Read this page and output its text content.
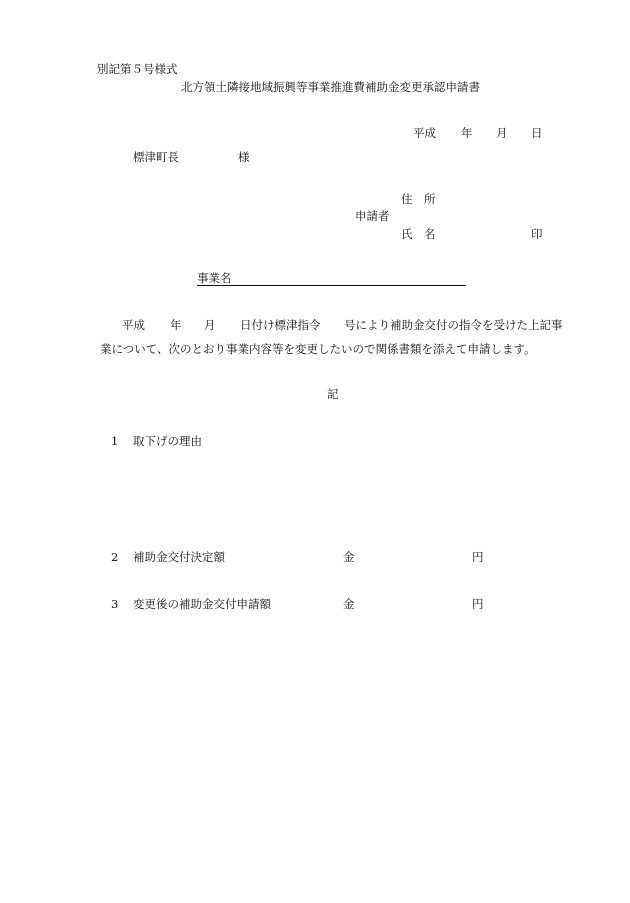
別記第５号様式
北方領土隣接地域振興等事業推進費補助金変更承認申請書
平成 年 月 日
標津町長	様
住　所
申請者
氏　名	印
事業名
平成 年 月 日付け標津指令 号により補助金交付の指令を受けた上記事
業について、次のとおり事業内容等を変更したいので関係書類を添えて申請します。
記
1 取下げの理由
2 補助金交付決定額	金	円
3 変更後の補助金交付申請額	金	円
